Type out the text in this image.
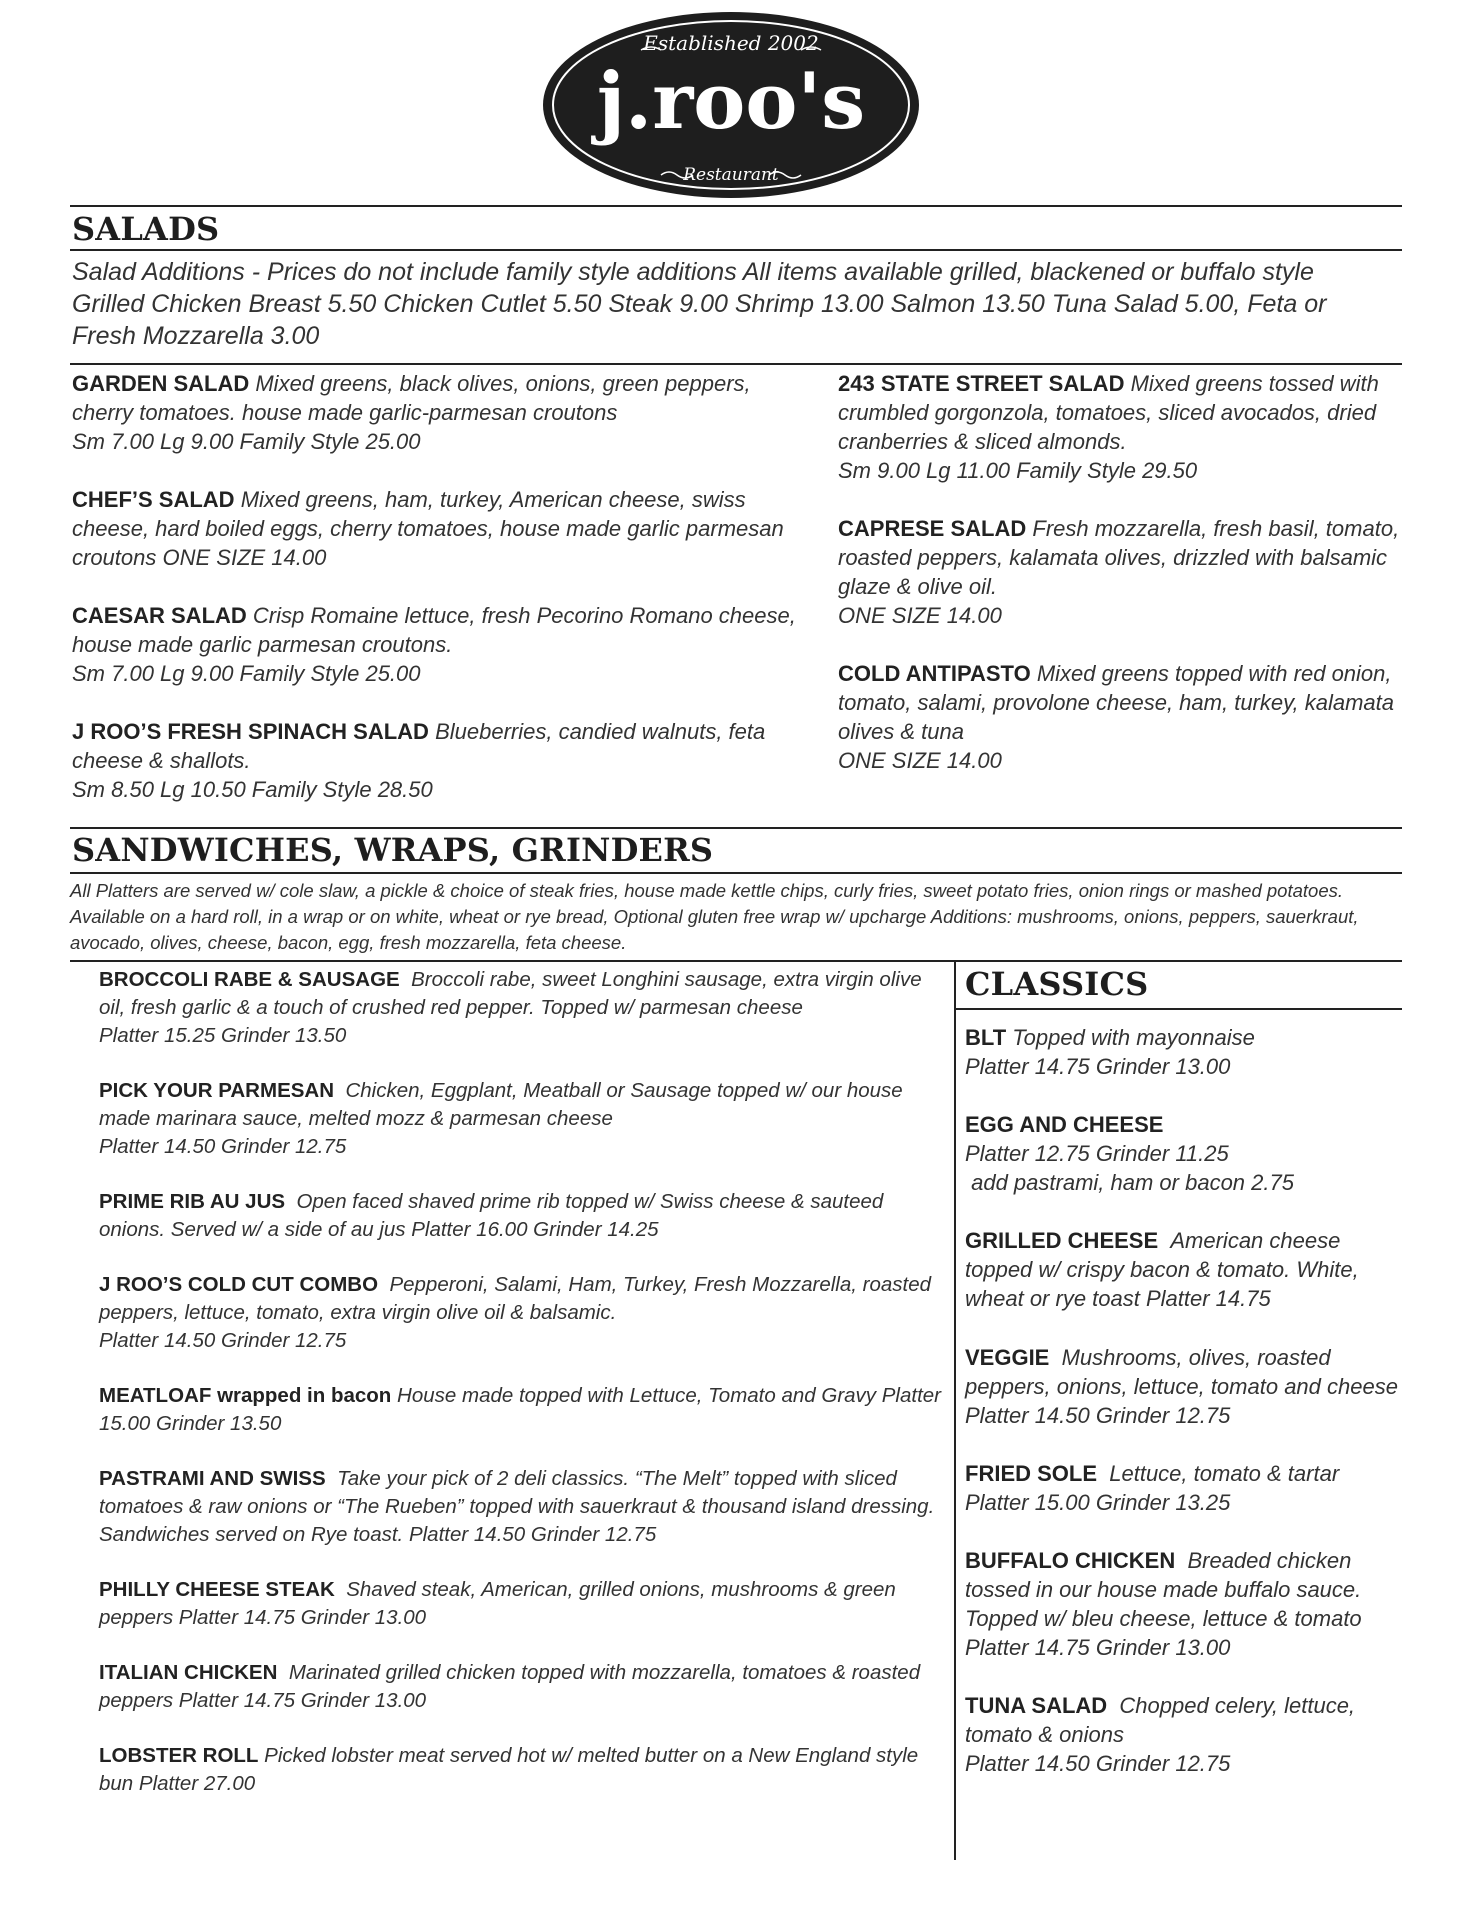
Established 2002
j.roo's
Restaurant
SALADS
Salad Additions - Prices do not include family style additions All items available grilled, blackened or buffalo style Grilled Chicken Breast 5.50 Chicken Cutlet 5.50 Steak 9.00 Shrimp 13.00 Salmon 13.50 Tuna Salad 5.00, Feta or Fresh Mozzarella 3.00
GARDEN SALAD Mixed greens, black olives, onions, green peppers, cherry tomatoes. house made garlic-parmesan croutons
Sm 7.00 Lg 9.00 Family Style 25.00
CHEF’S SALAD Mixed greens, ham, turkey, American cheese, swiss cheese, hard boiled eggs, cherry tomatoes, house made garlic parmesan croutons ONE SIZE 14.00
CAESAR SALAD Crisp Romaine lettuce, fresh Pecorino Romano cheese, house made garlic parmesan croutons.
Sm 7.00 Lg 9.00 Family Style 25.00
J ROO’S FRESH SPINACH SALAD Blueberries, candied walnuts, feta cheese & shallots.
Sm 8.50 Lg 10.50 Family Style 28.50
243 STATE STREET SALAD Mixed greens tossed with crumbled gorgonzola, tomatoes, sliced avocados, dried cranberries & sliced almonds.
Sm 9.00 Lg 11.00 Family Style 29.50
CAPRESE SALAD Fresh mozzarella, fresh basil, tomato, roasted peppers, kalamata olives, drizzled with balsamic glaze & olive oil.
ONE SIZE 14.00
COLD ANTIPASTO Mixed greens topped with red onion, tomato, salami, provolone cheese, ham, turkey, kalamata olives & tuna
ONE SIZE 14.00
SANDWICHES, WRAPS, GRINDERS
All Platters are served w/ cole slaw, a pickle & choice of steak fries, house made kettle chips, curly fries, sweet potato fries, onion rings or mashed potatoes. Available on a hard roll, in a wrap or on white, wheat or rye bread, Optional gluten free wrap w/ upcharge Additions: mushrooms, onions, peppers, sauerkraut, avocado, olives, cheese, bacon, egg, fresh mozzarella, feta cheese.
BROCCOLI RABE & SAUSAGE Broccoli rabe, sweet Longhini sausage, extra virgin olive oil, fresh garlic & a touch of crushed red pepper. Topped w/ parmesan cheese
Platter 15.25 Grinder 13.50
PICK YOUR PARMESAN Chicken, Eggplant, Meatball or Sausage topped w/ our house made marinara sauce, melted mozz & parmesan cheese
Platter 14.50 Grinder 12.75
PRIME RIB AU JUS Open faced shaved prime rib topped w/ Swiss cheese & sauteed onions. Served w/ a side of au jus Platter 16.00 Grinder 14.25
J ROO’S COLD CUT COMBO Pepperoni, Salami, Ham, Turkey, Fresh Mozzarella, roasted peppers, lettuce, tomato, extra virgin olive oil & balsamic.
Platter 14.50 Grinder 12.75
MEATLOAF wrapped in bacon House made topped with Lettuce, Tomato and Gravy Platter 15.00 Grinder 13.50
PASTRAMI AND SWISS Take your pick of 2 deli classics. “The Melt” topped with sliced tomatoes & raw onions or “The Rueben” topped with sauerkraut & thousand island dressing. Sandwiches served on Rye toast. Platter 14.50 Grinder 12.75
PHILLY CHEESE STEAK Shaved steak, American, grilled onions, mushrooms & green peppers Platter 14.75 Grinder 13.00
ITALIAN CHICKEN Marinated grilled chicken topped with mozzarella, tomatoes & roasted peppers Platter 14.75 Grinder 13.00
LOBSTER ROLL Picked lobster meat served hot w/ melted butter on a New England style bun Platter 27.00
CLASSICS
BLT Topped with mayonnaise
Platter 14.75 Grinder 13.00
EGG AND CHEESE
Platter 12.75 Grinder 11.25
add pastrami, ham or bacon 2.75
GRILLED CHEESE American cheese topped w/ crispy bacon & tomato. White, wheat or rye toast Platter 14.75
VEGGIE Mushrooms, olives, roasted peppers, onions, lettuce, tomato and cheese Platter 14.50 Grinder 12.75
FRIED SOLE Lettuce, tomato & tartar
Platter 15.00 Grinder 13.25
BUFFALO CHICKEN Breaded chicken tossed in our house made buffalo sauce. Topped w/ bleu cheese, lettuce & tomato
Platter 14.75 Grinder 13.00
TUNA SALAD Chopped celery, lettuce, tomato & onions
Platter 14.50 Grinder 12.75
